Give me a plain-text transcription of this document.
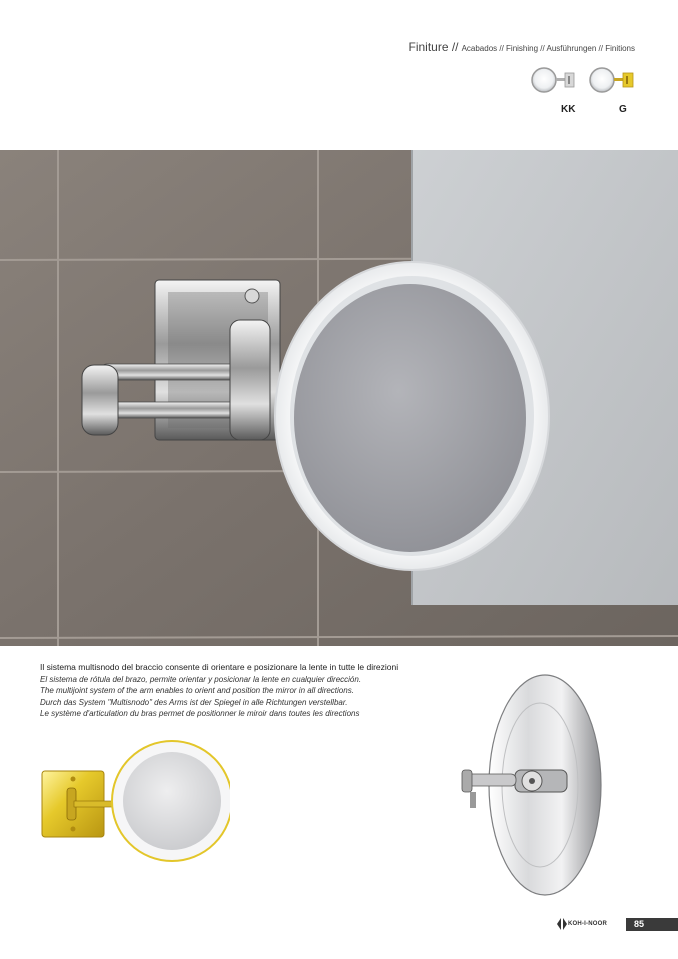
Finiture // Acabados // Finishing // Ausführungen // Finitions
KK	G
Il sistema multisnodo del braccio consente di orientare e posizionare la lente in tutte le direzioni
El sistema de rótula del brazo, permite orientar y posicionar la lente en cualquier dirección.
The multijoint system of the arm enables to orient and position the mirror in all directions.
Durch das System "Multisnodo" des Arms ist der Spiegel in alle Richtungen verstellbar.
Le système d'articulation du bras permet de positionner le miroir dans toutes les directions
KOH-I-NOOR	85
